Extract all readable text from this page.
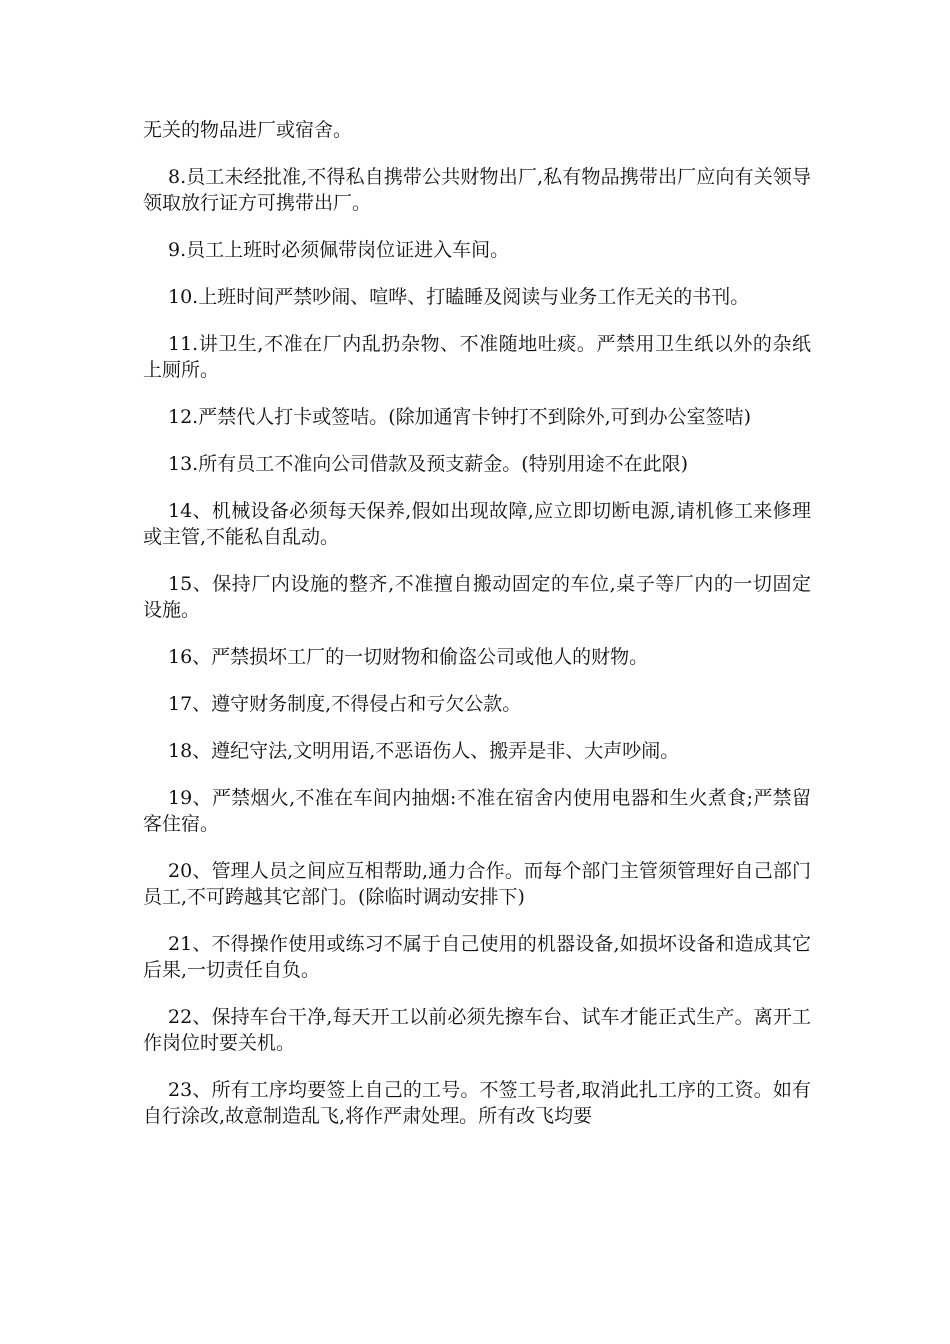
无关的物品进厂或宿舍。

8.员工未经批准,不得私自携带公共财物出厂,私有物品携带出厂应向有关领导领取放行证方可携带出厂。

9.员工上班时必须佩带岗位证进入车间。

10.上班时间严禁吵闹、喧哗、打瞌睡及阅读与业务工作无关的书刊。

11.讲卫生,不准在厂内乱扔杂物、不准随地吐痰。严禁用卫生纸以外的杂纸上厕所。

12.严禁代人打卡或签咭。(除加通宵卡钟打不到除外,可到办公室签咭)

13.所有员工不准向公司借款及预支薪金。(特别用途不在此限)

14、机械设备必须每天保养,假如出现故障,应立即切断电源,请机修工来修理或主管,不能私自乱动。

15、保持厂内设施的整齐,不准擅自搬动固定的车位,桌子等厂内的一切固定设施。

16、严禁损坏工厂的一切财物和偷盗公司或他人的财物。

17、遵守财务制度,不得侵占和亏欠公款。

18、遵纪守法,文明用语,不恶语伤人、搬弄是非、大声吵闹。

19、严禁烟火,不准在车间内抽烟:不准在宿舍内使用电器和生火煮食;严禁留客住宿。

20、管理人员之间应互相帮助,通力合作。而每个部门主管须管理好自己部门员工,不可跨越其它部门。(除临时调动安排下)

21、不得操作使用或练习不属于自己使用的机器设备,如损坏设备和造成其它后果,一切责任自负。

22、保持车台干净,每天开工以前必须先擦车台、试车才能正式生产。离开工作岗位时要关机。

23、所有工序均要签上自己的工号。不签工号者,取消此扎工序的工资。如有自行涂改,故意制造乱飞,将作严肃处理。所有改飞均要
